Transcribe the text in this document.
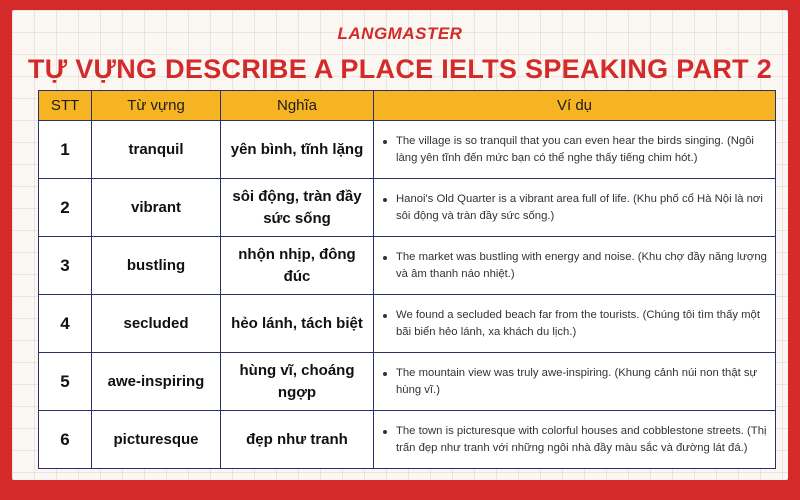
LANGMASTER
TỰ VỰNG DESCRIBE A PLACE IELTS SPEAKING PART 2
STT	Từ vựng	Nghĩa	Ví dụ
1	tranquil	yên bình, tĩnh lặng	The village is so tranquil that you can even hear the birds singing. (Ngôi làng yên tĩnh đến mức bạn có thể nghe thấy tiếng chim hót.)

2	vibrant	sôi động, tràn đầy sức sống	Hanoi's Old Quarter is a vibrant area full of life. (Khu phố cổ Hà Nội là nơi sôi động và tràn đầy sức sống.)

3	bustling	nhộn nhịp, đông đúc	The market was bustling with energy and noise. (Khu chợ đầy năng lượng và âm thanh náo nhiệt.)

4	secluded	hẻo lánh, tách biệt	We found a secluded beach far from the tourists. (Chúng tôi tìm thấy một bãi biển hẻo lánh, xa khách du lịch.)

5	awe-inspiring	hùng vĩ, choáng ngợp	The mountain view was truly awe-inspiring. (Khung cảnh núi non thật sự hùng vĩ.)

6	picturesque	đẹp như tranh	The town is picturesque with colorful houses and cobblestone streets. (Thị trấn đẹp như tranh với những ngôi nhà đầy màu sắc và đường lát đá.)
